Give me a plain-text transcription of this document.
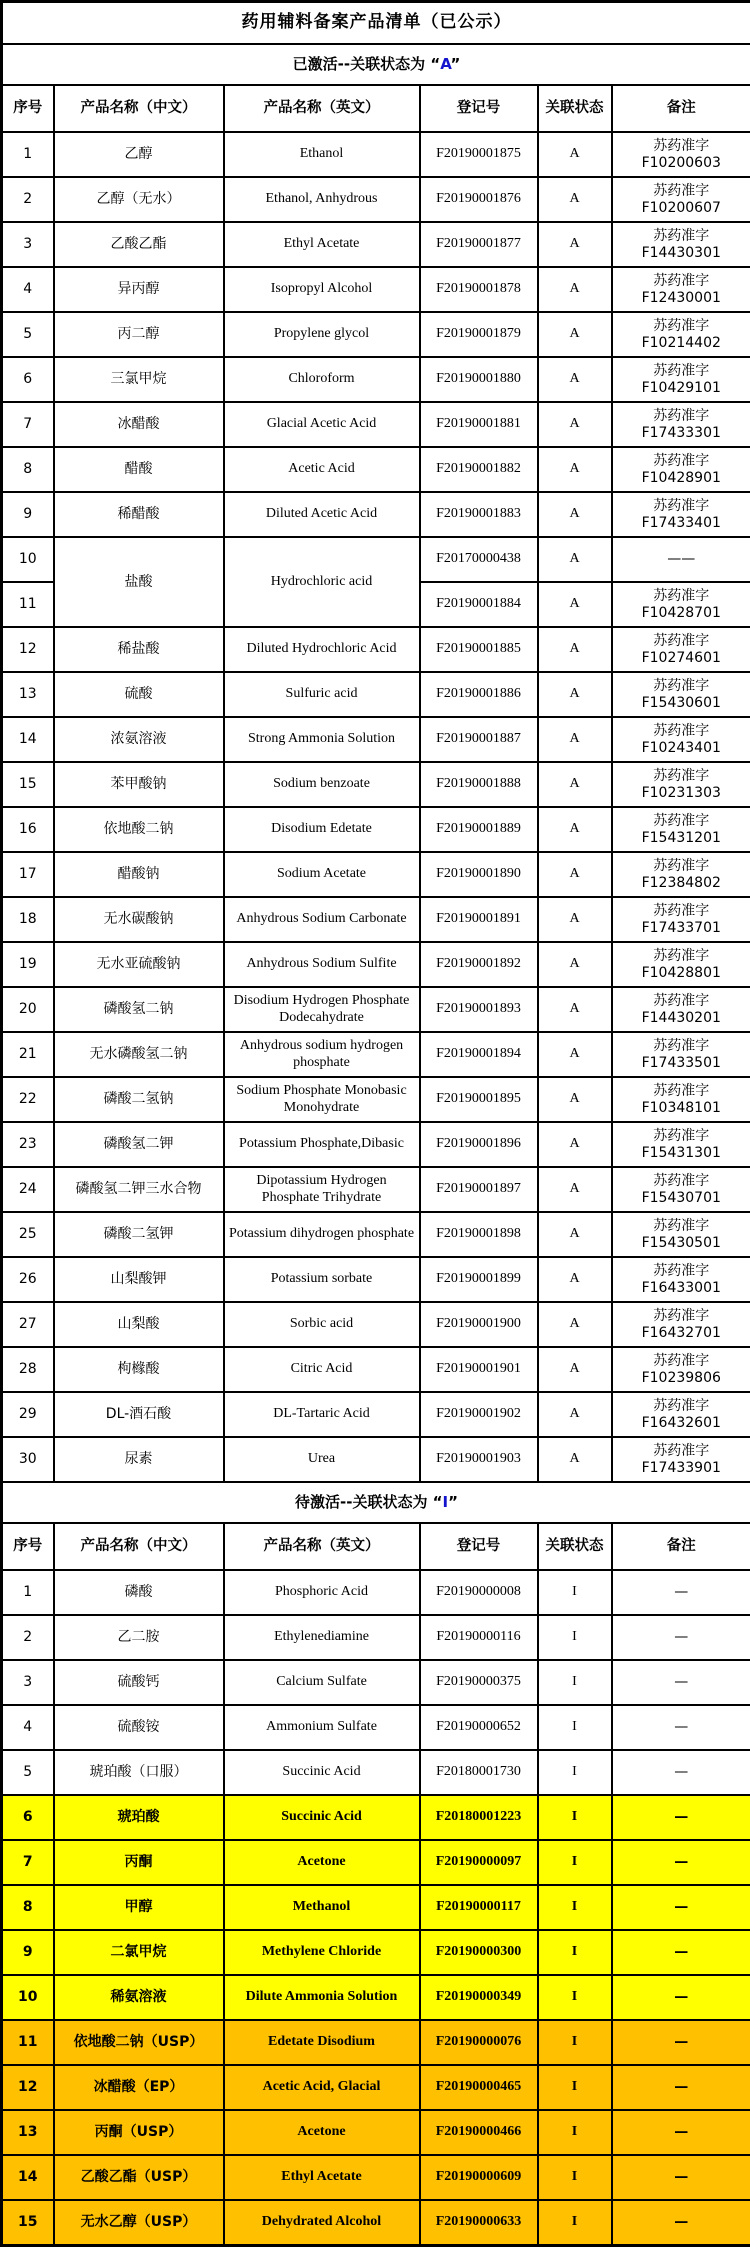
药用辅料备案产品清单（已公示）					
已激活--关联状态为 “A”					
序号	产品名称（中文）	产品名称（英文）	登记号	关联状态	备注
1	乙醇	Ethanol	F20190001875	A	苏药准字F10200603
2	乙醇（无水）	Ethanol, Anhydrous	F20190001876	A	苏药准字F10200607
3	乙酸乙酯	Ethyl Acetate	F20190001877	A	苏药准字F14430301
4	异丙醇	Isopropyl Alcohol	F20190001878	A	苏药准字F12430001
5	丙二醇	Propylene glycol	F20190001879	A	苏药准字F10214402
6	三氯甲烷	Chloroform	F20190001880	A	苏药准字F10429101
7	冰醋酸	Glacial Acetic Acid	F20190001881	A	苏药准字F17433301
8	醋酸	Acetic Acid	F20190001882	A	苏药准字F10428901
9	稀醋酸	Diluted Acetic Acid	F20190001883	A	苏药准字F17433401
10	盐酸	Hydrochloric acid	F20170000438	A	——
11			F20190001884	A	苏药准字F10428701
12	稀盐酸	Diluted Hydrochloric Acid	F20190001885	A	苏药准字F10274601
13	硫酸	Sulfuric acid	F20190001886	A	苏药准字F15430601
14	浓氨溶液	Strong Ammonia Solution	F20190001887	A	苏药准字F10243401
15	苯甲酸钠	Sodium benzoate	F20190001888	A	苏药准字F10231303
16	依地酸二钠	Disodium Edetate	F20190001889	A	苏药准字F15431201
17	醋酸钠	Sodium Acetate	F20190001890	A	苏药准字F12384802
18	无水碳酸钠	Anhydrous Sodium Carbonate	F20190001891	A	苏药准字F17433701
19	无水亚硫酸钠	Anhydrous Sodium Sulfite	F20190001892	A	苏药准字F10428801
20	磷酸氢二钠	Disodium Hydrogen Phosphate Dodecahydrate	F20190001893	A	苏药准字F14430201
21	无水磷酸氢二钠	Anhydrous sodium hydrogen phosphate	F20190001894	A	苏药准字F17433501
22	磷酸二氢钠	Sodium Phosphate Monobasic Monohydrate	F20190001895	A	苏药准字F10348101
23	磷酸氢二钾	Potassium Phosphate,Dibasic	F20190001896	A	苏药准字F15431301
24	磷酸氢二钾三水合物	Dipotassium Hydrogen Phosphate Trihydrate	F20190001897	A	苏药准字F15430701
25	磷酸二氢钾	Potassium dihydrogen phosphate	F20190001898	A	苏药准字F15430501
26	山梨酸钾	Potassium sorbate	F20190001899	A	苏药准字F16433001
27	山梨酸	Sorbic acid	F20190001900	A	苏药准字F16432701
28	枸橼酸	Citric Acid	F20190001901	A	苏药准字F10239806
29	DL-酒石酸	DL-Tartaric Acid	F20190001902	A	苏药准字F16432601
30	尿素	Urea	F20190001903	A	苏药准字F17433901
待激活--关联状态为 “I”					
序号	产品名称（中文）	产品名称（英文）	登记号	关联状态	备注
1	磷酸	Phosphoric Acid	F20190000008	I	—
2	乙二胺	Ethylenediamine	F20190000116	I	—
3	硫酸钙	Calcium Sulfate	F20190000375	I	—
4	硫酸铵	Ammonium Sulfate	F20190000652	I	—
5	琥珀酸（口服）	Succinic Acid	F20180001730	I	—
6	琥珀酸	Succinic Acid	F20180001223	I	—
7	丙酮	Acetone	F20190000097	I	—
8	甲醇	Methanol	F20190000117	I	—
9	二氯甲烷	Methylene Chloride	F20190000300	I	—
10	稀氨溶液	Dilute Ammonia Solution	F20190000349	I	—
11	依地酸二钠（USP）	Edetate Disodium	F20190000076	I	—
12	冰醋酸（EP）	Acetic Acid, Glacial	F20190000465	I	—
13	丙酮（USP）	Acetone	F20190000466	I	—
14	乙酸乙酯（USP）	Ethyl Acetate	F20190000609	I	—
15	无水乙醇（USP）	Dehydrated Alcohol	F20190000633	I	—
